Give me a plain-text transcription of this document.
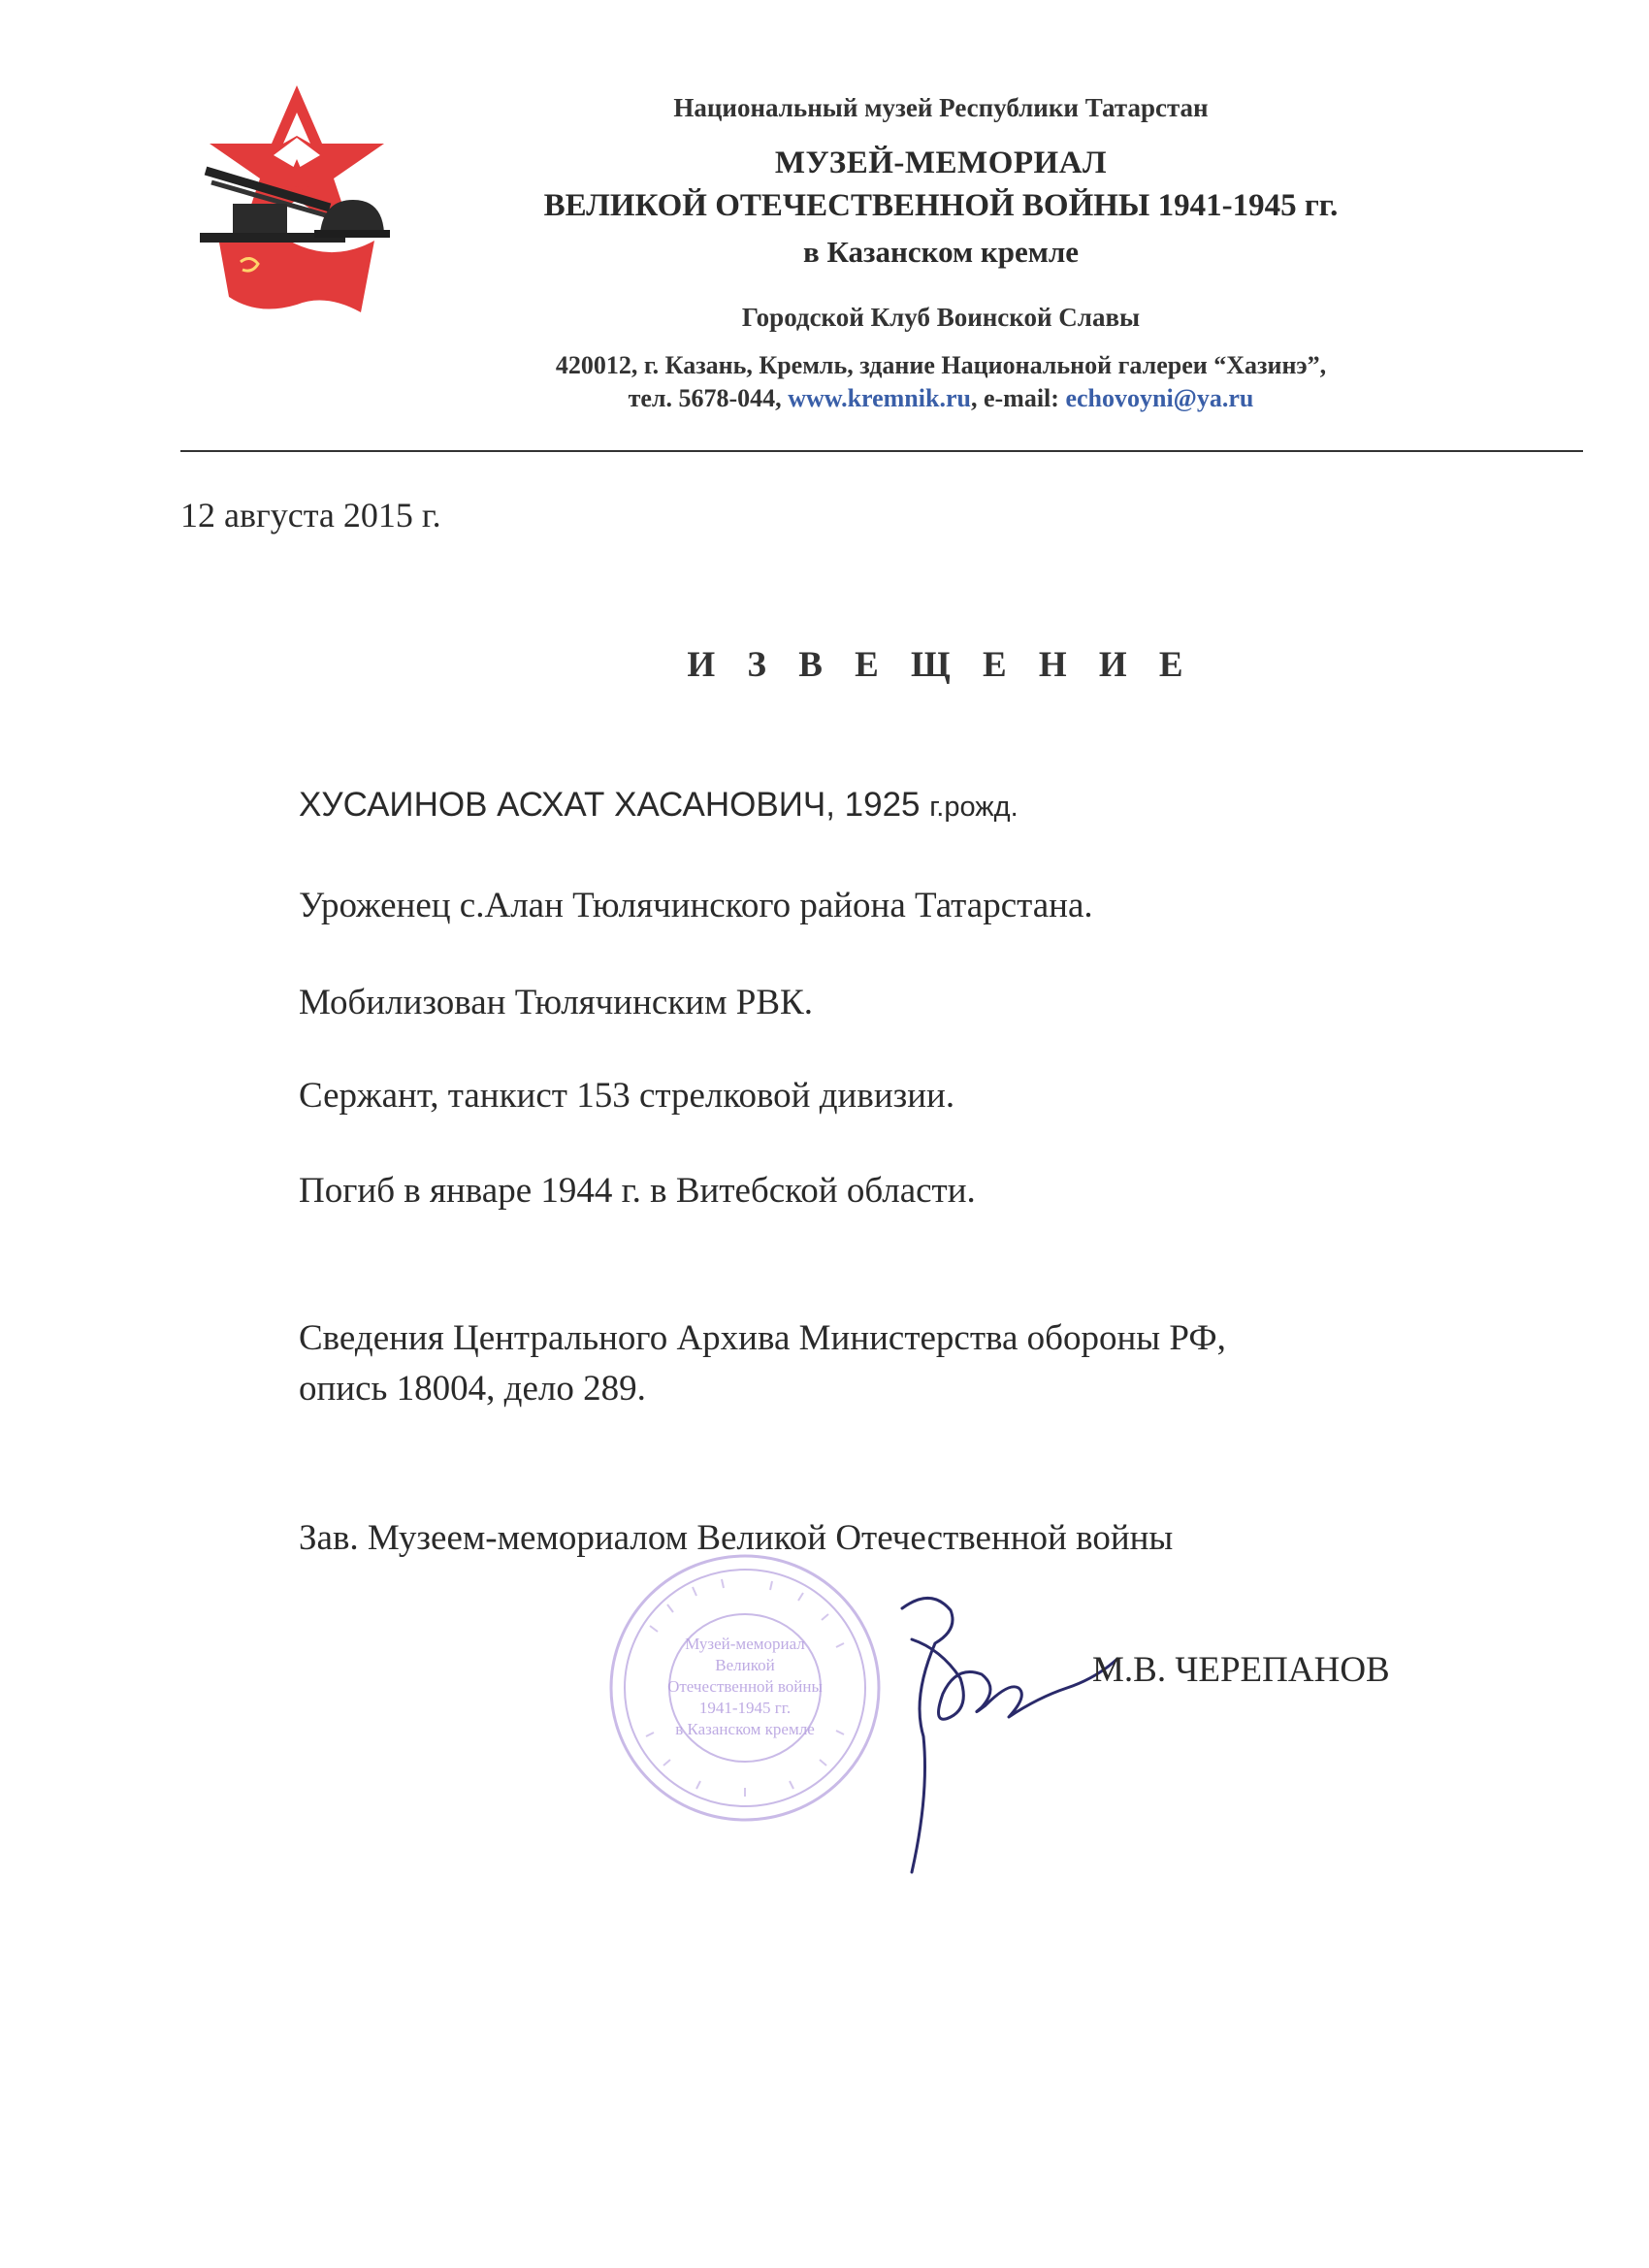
Национальный музей Республики Татарстан
МУЗЕЙ-МЕМОРИАЛ
ВЕЛИКОЙ ОТЕЧЕСТВЕННОЙ ВОЙНЫ 1941-1945 гг.
в Казанском кремле
Городской Клуб Воинской Славы
420012, г. Казань, Кремль, здание Национальной галереи “Хазинэ”,
тел. 5678-044, www.kremnik.ru, e-mail: echovoyni@ya.ru
12 августа 2015 г.
И З В Е Щ Е Н И Е
ХУСАИНОВ АСХАТ ХАСАНОВИЧ, 1925 г.рожд.
Уроженец с.Алан Тюлячинского района Татарстана.
Мобилизован Тюлячинским РВК.
Сержант, танкист 153 стрелковой дивизии.
Погиб в январе 1944 г. в Витебской области.
Сведения Центрального Архива Министерства обороны РФ,
опись 18004, дело 289.
Зав. Музеем-мемориалом Великой Отечественной войны
Музей-мемориал
Великой
Отечественной войны
1941-1945 гг.
в Казанском кремле
М.В. ЧЕРЕПАНОВ
